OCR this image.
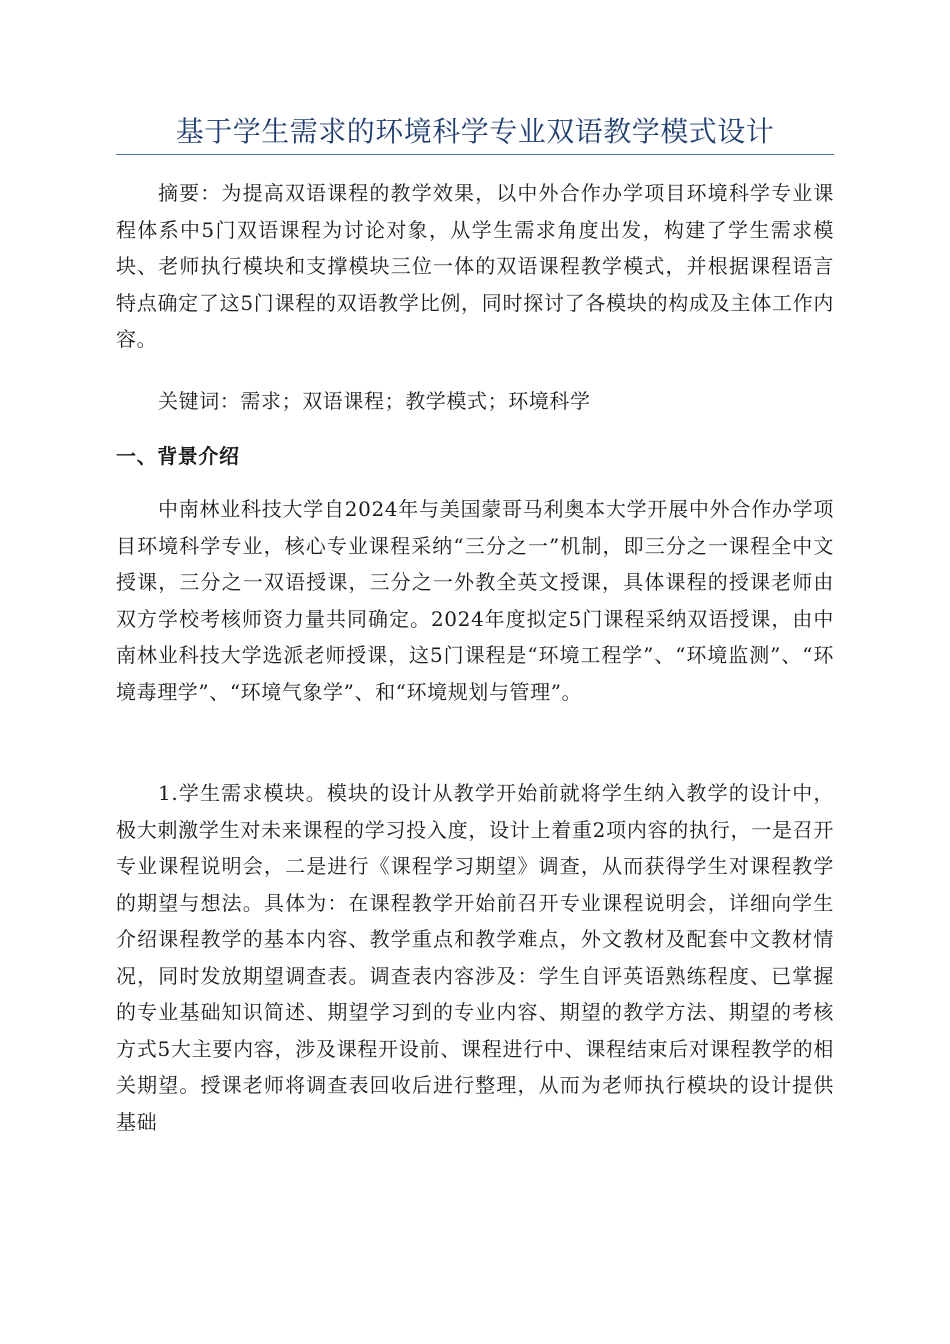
基于学生需求的环境科学专业双语教学模式设计

摘要：为提高双语课程的教学效果，以中外合作办学项目环境科学专业课程体系中5门双语课程为讨论对象，从学生需求角度出发，构建了学生需求模块、老师执行模块和支撑模块三位一体的双语课程教学模式，并根据课程语言特点确定了这5门课程的双语教学比例，同时探讨了各模块的构成及主体工作内容。

关键词：需求；双语课程；教学模式；环境科学

一、背景介绍

中南林业科技大学自2024年与美国蒙哥马利奥本大学开展中外合作办学项目环境科学专业，核心专业课程采纳“三分之一”机制，即三分之一课程全中文授课，三分之一双语授课，三分之一外教全英文授课，具体课程的授课老师由双方学校考核师资力量共同确定。2024年度拟定5门课程采纳双语授课，由中南林业科技大学选派老师授课，这5门课程是“环境工程学”、“环境监测”、“环境毒理学”、“环境气象学”、和“环境规划与管理”。

1.学生需求模块。模块的设计从教学开始前就将学生纳入教学的设计中，极大刺激学生对未来课程的学习投入度，设计上着重2项内容的执行，一是召开专业课程说明会，二是进行《课程学习期望》调查，从而获得学生对课程教学的期望与想法。具体为：在课程教学开始前召开专业课程说明会，详细向学生介绍课程教学的基本内容、教学重点和教学难点，外文教材及配套中文教材情况，同时发放期望调查表。调查表内容涉及：学生自评英语熟练程度、已掌握的专业基础知识简述、期望学习到的专业内容、期望的教学方法、期望的考核方式5大主要内容，涉及课程开设前、课程进行中、课程结束后对课程教学的相关期望。授课老师将调查表回收后进行整理，从而为老师执行模块的设计提供基础
